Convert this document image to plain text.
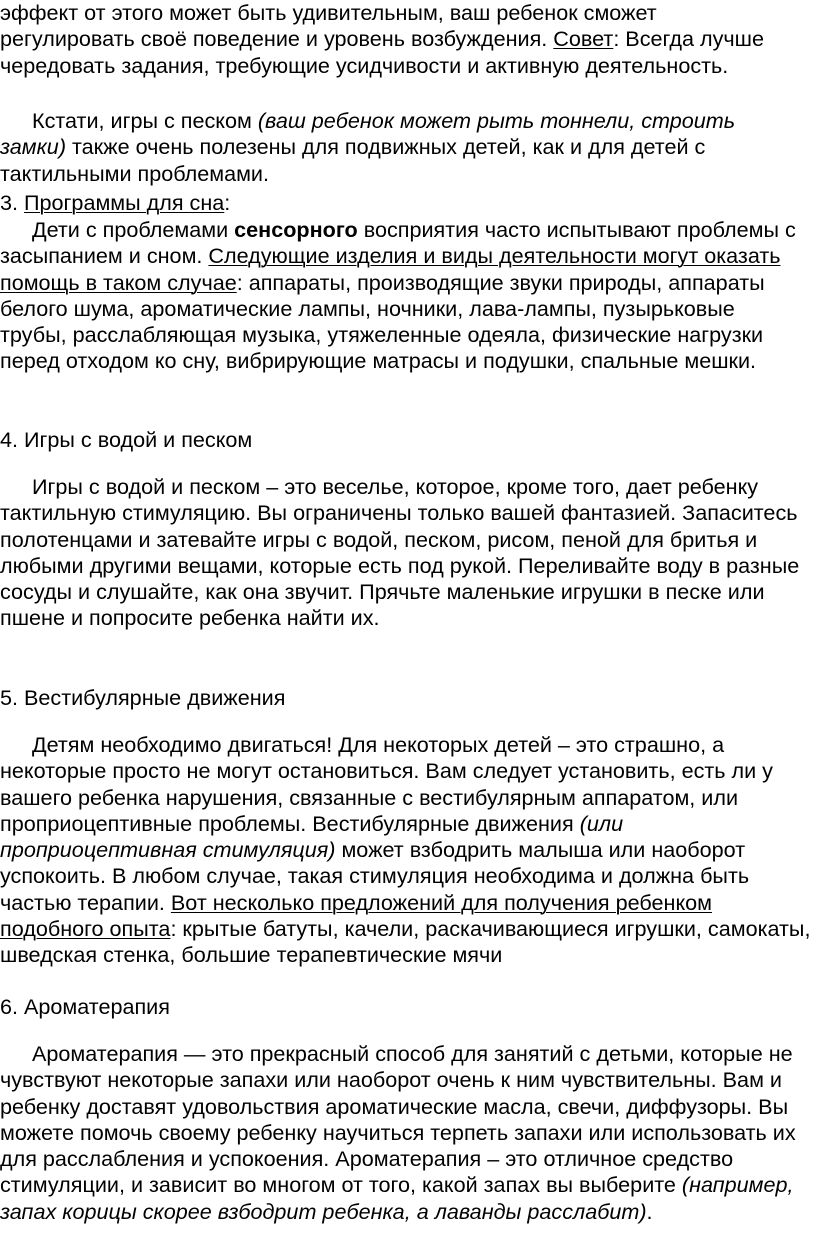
эффект от этого может быть удивительным, ваш ребенок сможет регулировать своё поведение и уровень возбуждения. Совет: Всегда лучше чередовать задания, требующие усидчивости и активную деятельность.

Кстати, игры с песком (ваш ребенок может рыть тоннели, строить замки) также очень полезены для подвижных детей, как и для детей с тактильными проблемами.

3. Программы для сна:

Дети с проблемами сенсорного восприятия часто испытывают проблемы с засыпанием и сном. Следующие изделия и виды деятельности могут оказать помощь в таком случае: аппараты, производящие звуки природы, аппараты белого шума, ароматические лампы, ночники, лава-лампы, пузырьковые трубы, расслабляющая музыка, утяжеленные одеяла, физические нагрузки перед отходом ко сну, вибрирующие матрасы и подушки, спальные мешки.

4. Игры с водой и песком

Игры с водой и песком – это веселье, которое, кроме того, дает ребенку тактильную стимуляцию. Вы ограничены только вашей фантазией. Запаситесь полотенцами и затевайте игры с водой, песком, рисом, пеной для бритья и любыми другими вещами, которые есть под рукой. Переливайте воду в разные сосуды и слушайте, как она звучит. Прячьте маленькие игрушки в песке или пшене и попросите ребенка найти их.

5. Вестибулярные движения

Детям необходимо двигаться! Для некоторых детей – это страшно, а некоторые просто не могут остановиться. Вам следует установить, есть ли у вашего ребенка нарушения, связанные с вестибулярным аппаратом, или проприоцептивные проблемы. Вестибулярные движения (или проприоцептивная стимуляция) может взбодрить малыша или наоборот успокоить. В любом случае, такая стимуляция необходима и должна быть частью терапии. Вот несколько предложений для получения ребенком подобного опыта: крытые батуты, качели, раскачивающиеся игрушки, самокаты, шведская стенка, большие терапевтические мячи

6. Ароматерапия

Ароматерапия — это прекрасный способ для занятий с детьми, которые не чувствуют некоторые запахи или наоборот очень к ним чувствительны. Вам и ребенку доставят удовольствия ароматические масла, свечи, диффузоры. Вы можете помочь своему ребенку научиться терпеть запахи или использовать их для расслабления и успокоения. Ароматерапия – это отличное средство стимуляции, и зависит во многом от того, какой запах вы выберите (например, запах корицы скорее взбодрит ребенка, а лаванды расслабит).
